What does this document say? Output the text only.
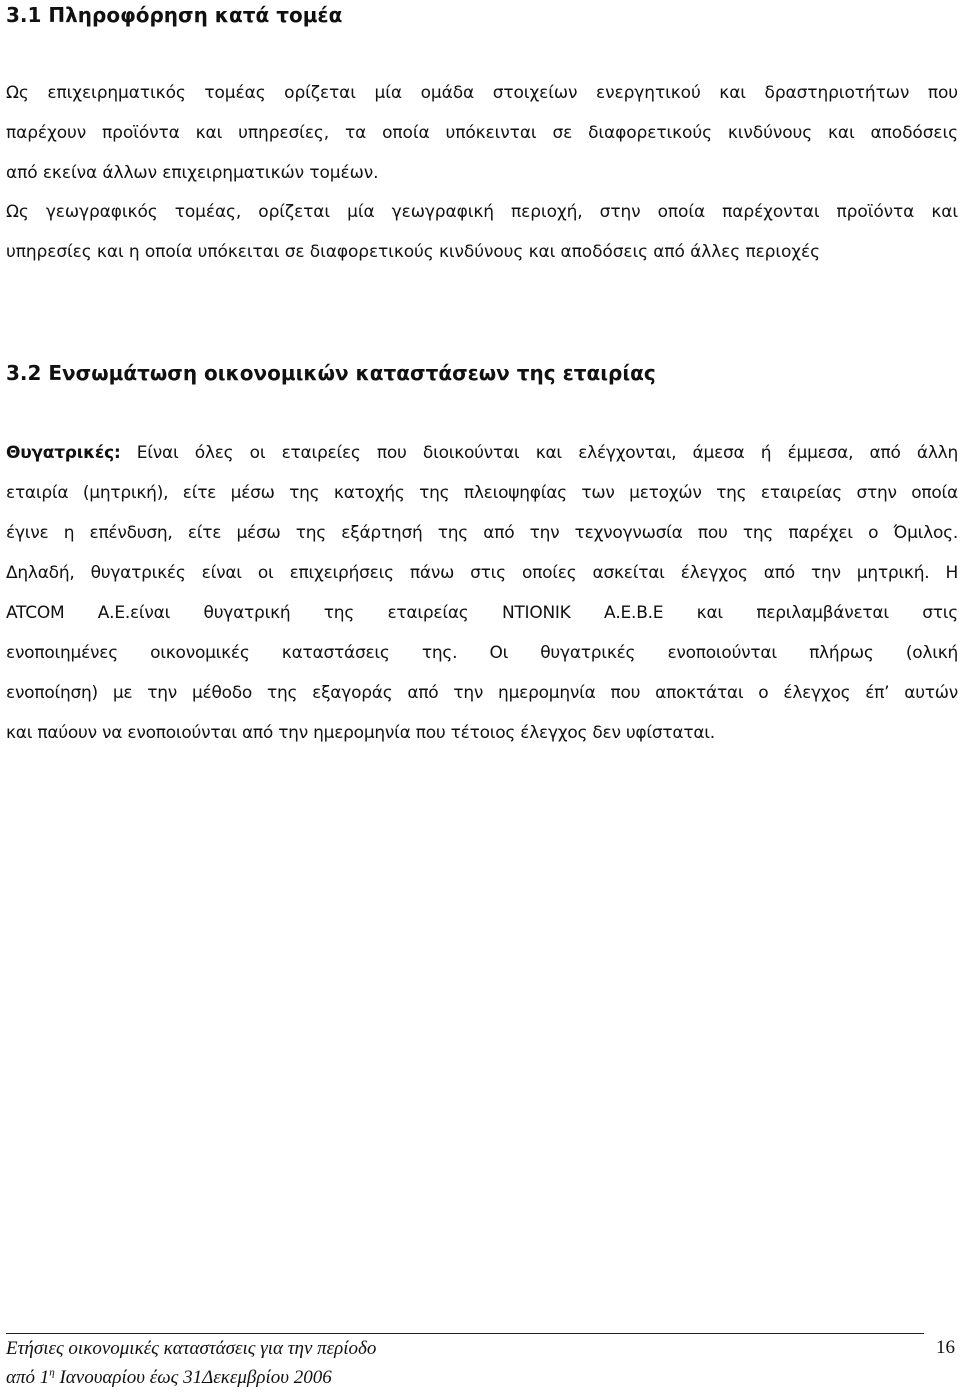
3.1 Πληροφόρηση κατά τομέα

Ως επιχειρηματικός τομέας ορίζεται μία ομάδα στοιχείων ενεργητικού και δραστηριοτήτων που
παρέχουν προϊόντα και υπηρεσίες, τα οποία υπόκεινται σε διαφορετικούς κινδύνους και αποδόσεις
από εκείνα άλλων επιχειρηματικών τομέων.

Ως γεωγραφικός τομέας, ορίζεται μία γεωγραφική περιοχή, στην οποία παρέχονται προϊόντα και
υπηρεσίες και η οποία υπόκειται σε διαφορετικούς κινδύνους και αποδόσεις από άλλες περιοχές

3.2 Ενσωμάτωση οικονομικών καταστάσεων της εταιρίας

Θυγατρικές: Είναι όλες οι εταιρείες που διοικούνται και ελέγχονται, άμεσα ή έμμεσα, από άλλη
εταιρία (μητρική), είτε μέσω της κατοχής της πλειοψηφίας των μετοχών της εταιρείας στην οποία
έγινε η επένδυση, είτε μέσω της εξάρτησή της από την τεχνογνωσία που της παρέχει ο Όμιλος.
Δηλαδή, θυγατρικές είναι οι επιχειρήσεις πάνω στις οποίες ασκείται έλεγχος από την μητρική. Η
ATCOM Α.Ε.είναι θυγατρική της εταιρείας ΝΤΙΟΝΙΚ Α.Ε.Β.Ε και περιλαμβάνεται στις
ενοποιημένες οικονομικές καταστάσεις της. Οι θυγατρικές ενοποιούνται πλήρως (ολική
ενοποίηση) με την μέθοδο της εξαγοράς από την ημερομηνία που αποκτάται ο έλεγχος έπ’ αυτών
και παύουν να ενοποιούνται από την ημερομηνία που τέτοιος έλεγχος δεν υφίσταται.

Ετήσιες οικονομικές καταστάσεις για την περίοδο

από $1^\eta$ Ιανουαρίου έως 31Δεκεμβρίου 2006

16
